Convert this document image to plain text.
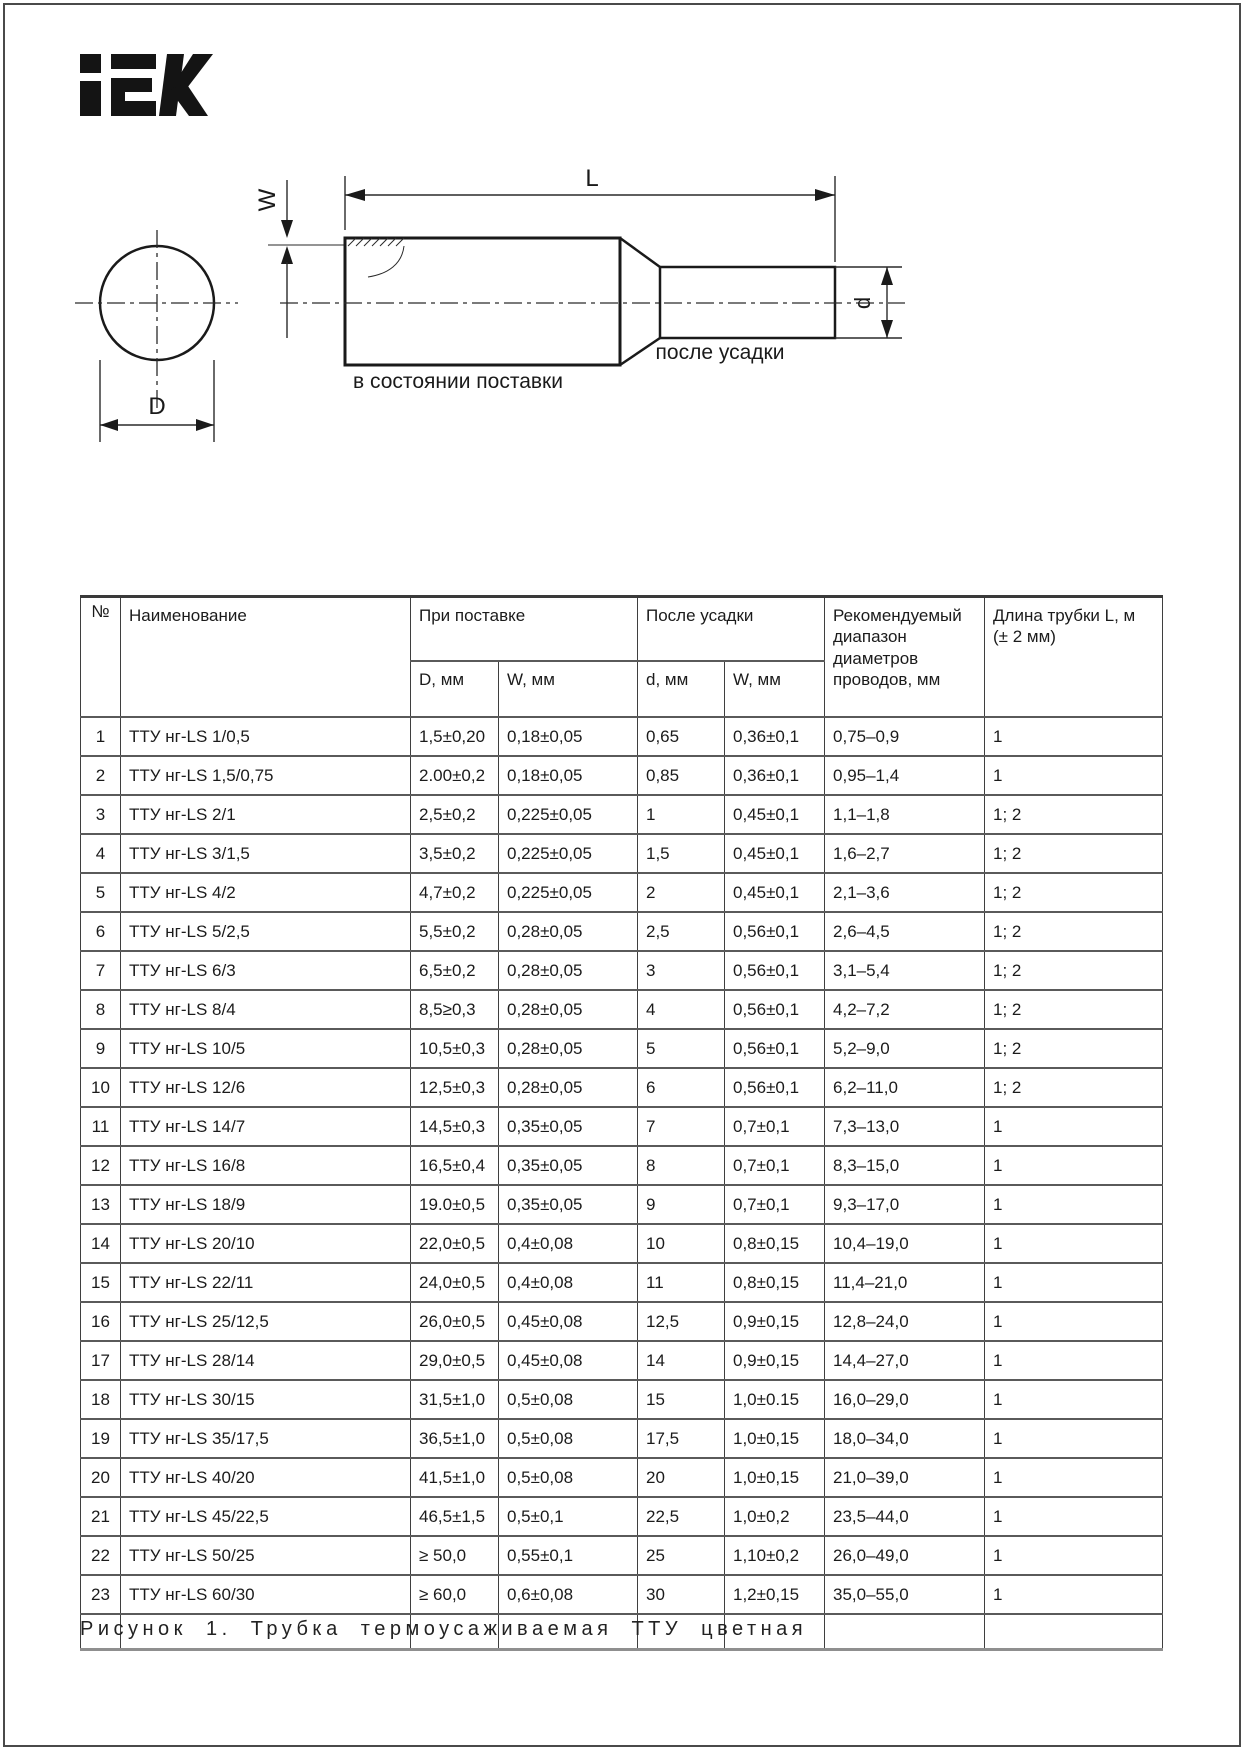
D
W
L
d
в состоянии поставки
после усадки
№	Наименование	При поставке		После усадки		Рекомендуемый диапазон диаметров проводов, мм	Длина трубки L, м (± 2 мм)
		D, мм	W, мм	d, мм	W, мм		
1	ТТУ нг-LS 1/0,5	1,5±0,20	0,18±0,05	0,65	0,36±0,1	0,75–0,9	1
2	ТТУ нг-LS 1,5/0,75	2.00±0,2	0,18±0,05	0,85	0,36±0,1	0,95–1,4	1
3	ТТУ нг-LS 2/1	2,5±0,2	0,225±0,05	1	0,45±0,1	1,1–1,8	1; 2
4	ТТУ нг-LS 3/1,5	3,5±0,2	0,225±0,05	1,5	0,45±0,1	1,6–2,7	1; 2
5	ТТУ нг-LS 4/2	4,7±0,2	0,225±0,05	2	0,45±0,1	2,1–3,6	1; 2
6	ТТУ нг-LS 5/2,5	5,5±0,2	0,28±0,05	2,5	0,56±0,1	2,6–4,5	1; 2
7	ТТУ нг-LS 6/3	6,5±0,2	0,28±0,05	3	0,56±0,1	3,1–5,4	1; 2
8	ТТУ нг-LS 8/4	8,5≥0,3	0,28±0,05	4	0,56±0,1	4,2–7,2	1; 2
9	ТТУ нг-LS 10/5	10,5±0,3	0,28±0,05	5	0,56±0,1	5,2–9,0	1; 2
10	ТТУ нг-LS 12/6	12,5±0,3	0,28±0,05	6	0,56±0,1	6,2–11,0	1; 2
11	ТТУ нг-LS 14/7	14,5±0,3	0,35±0,05	7	0,7±0,1	7,3–13,0	1
12	ТТУ нг-LS 16/8	16,5±0,4	0,35±0,05	8	0,7±0,1	8,3–15,0	1
13	ТТУ нг-LS 18/9	19.0±0,5	0,35±0,05	9	0,7±0,1	9,3–17,0	1
14	ТТУ нг-LS 20/10	22,0±0,5	0,4±0,08	10	0,8±0,15	10,4–19,0	1
15	ТТУ нг-LS 22/11	24,0±0,5	0,4±0,08	11	0,8±0,15	11,4–21,0	1
16	ТТУ нг-LS 25/12,5	26,0±0,5	0,45±0,08	12,5	0,9±0,15	12,8–24,0	1
17	ТТУ нг-LS 28/14	29,0±0,5	0,45±0,08	14	0,9±0,15	14,4–27,0	1
18	ТТУ нг-LS 30/15	31,5±1,0	0,5±0,08	15	1,0±0.15	16,0–29,0	1
19	ТТУ нг-LS 35/17,5	36,5±1,0	0,5±0,08	17,5	1,0±0,15	18,0–34,0	1
20	ТТУ нг-LS 40/20	41,5±1,0	0,5±0,08	20	1,0±0,15	21,0–39,0	1
21	ТТУ нг-LS 45/22,5	46,5±1,5	0,5±0,1	22,5	1,0±0,2	23,5–44,0	1
22	ТТУ нг-LS 50/25	≥ 50,0	0,55±0,1	25	1,10±0,2	26,0–49,0	1
23	ТТУ нг-LS 60/30	≥ 60,0	0,6±0,08	30	1,2±0,15	35,0–55,0	1

Рисунок 1. Трубка термоусаживаемая ТТУ цветная
